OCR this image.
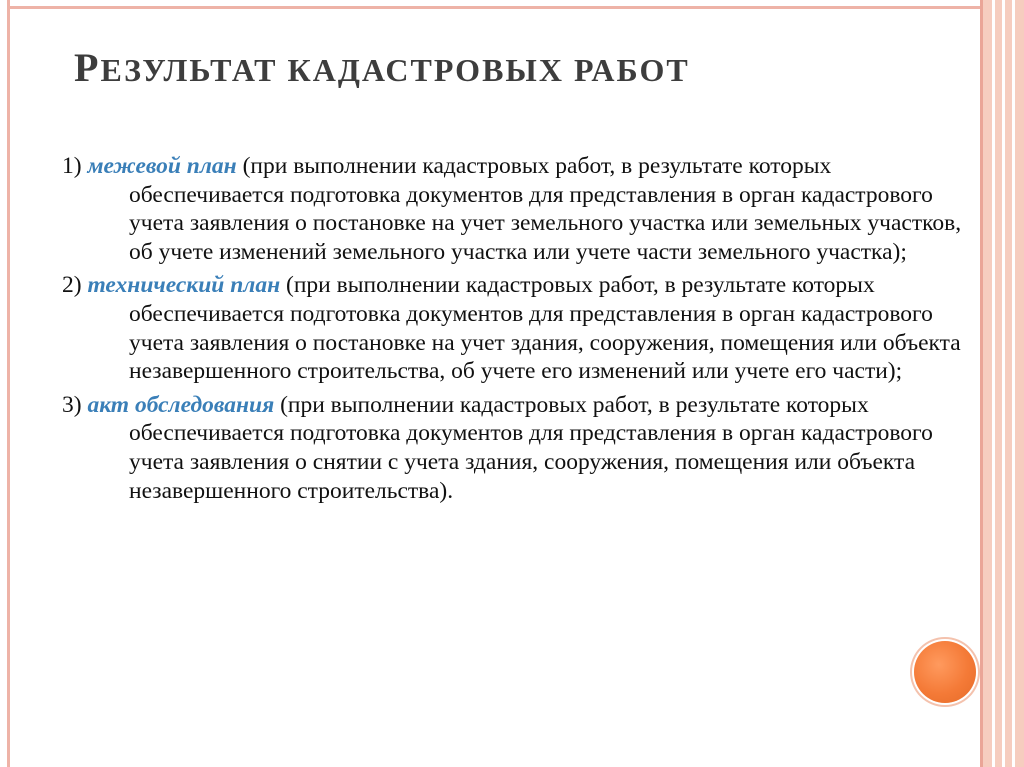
РЕЗУЛЬТАТ КАДАСТРОВЫХ РАБОТ
1) межевой план (при выполнении кадастровых работ, в результате которых обеспечивается подготовка документов для представления в орган кадастрового учета заявления о постановке на учет земельного участка или земельных участков, об учете изменений земельного участка или учете части земельного участка);
2) технический план (при выполнении кадастровых работ, в результате которых обеспечивается подготовка документов для представления в орган кадастрового учета заявления о постановке на учет здания, сооружения, помещения или объекта незавершенного строительства, об учете его изменений или учете его части);
3) акт обследования (при выполнении кадастровых работ, в результате которых обеспечивается подготовка документов для представления в орган кадастрового учета заявления о снятии с учета здания, сооружения, помещения или объекта незавершенного строительства).
